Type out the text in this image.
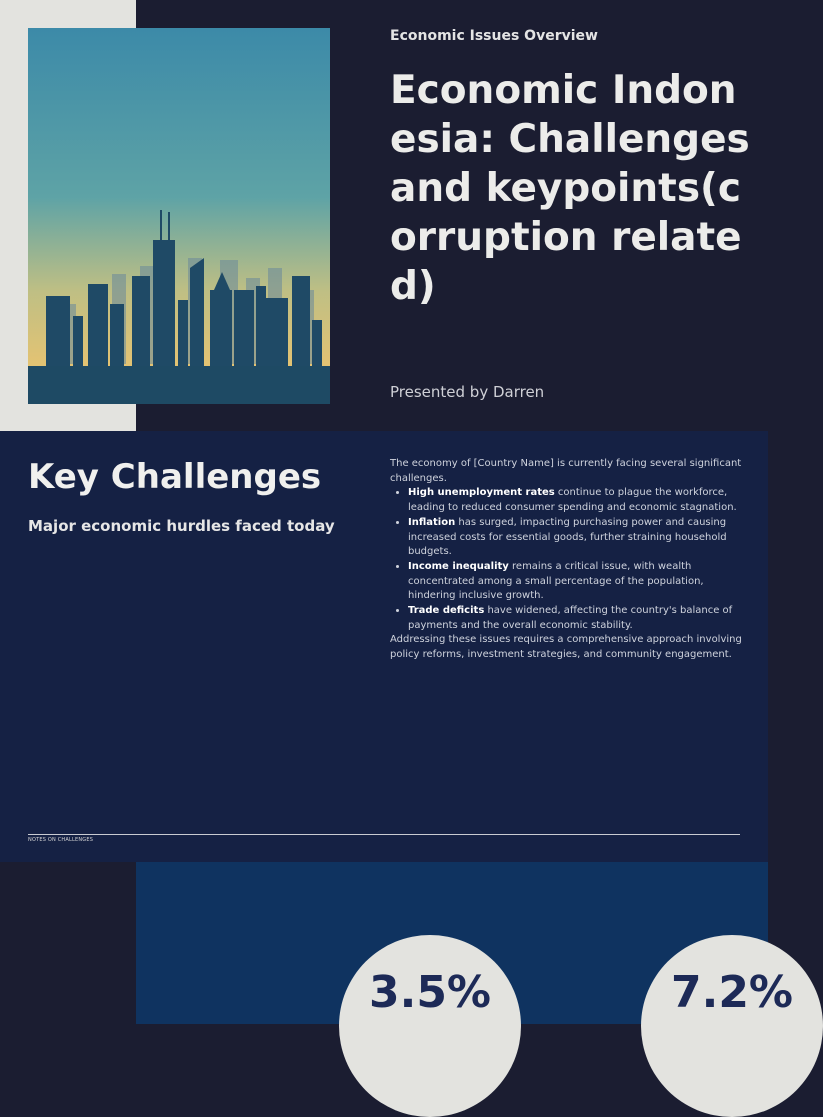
Economic Issues Overview
Economic Indonesia: Challenges and keypoints(corruption related)
Presented by Darren
Key Challenges
Major economic hurdles faced today

The economy of [Country Name] is currently facing several significant challenges.

• High unemployment rates continue to plague the workforce, leading to reduced consumer spending and economic stagnation.
• Inflation has surged, impacting purchasing power and causing increased costs for essential goods, further straining household budgets.
• Income inequality remains a critical issue, with wealth concentrated among a small percentage of the population, hindering inclusive growth.
• Trade deficits have widened, affecting the country's balance of payments and the overall economic stability.

Addressing these issues requires a comprehensive approach involving policy reforms, investment strategies, and community engagement.

NOTES ON CHALLENGES
3.5%	7.2%
